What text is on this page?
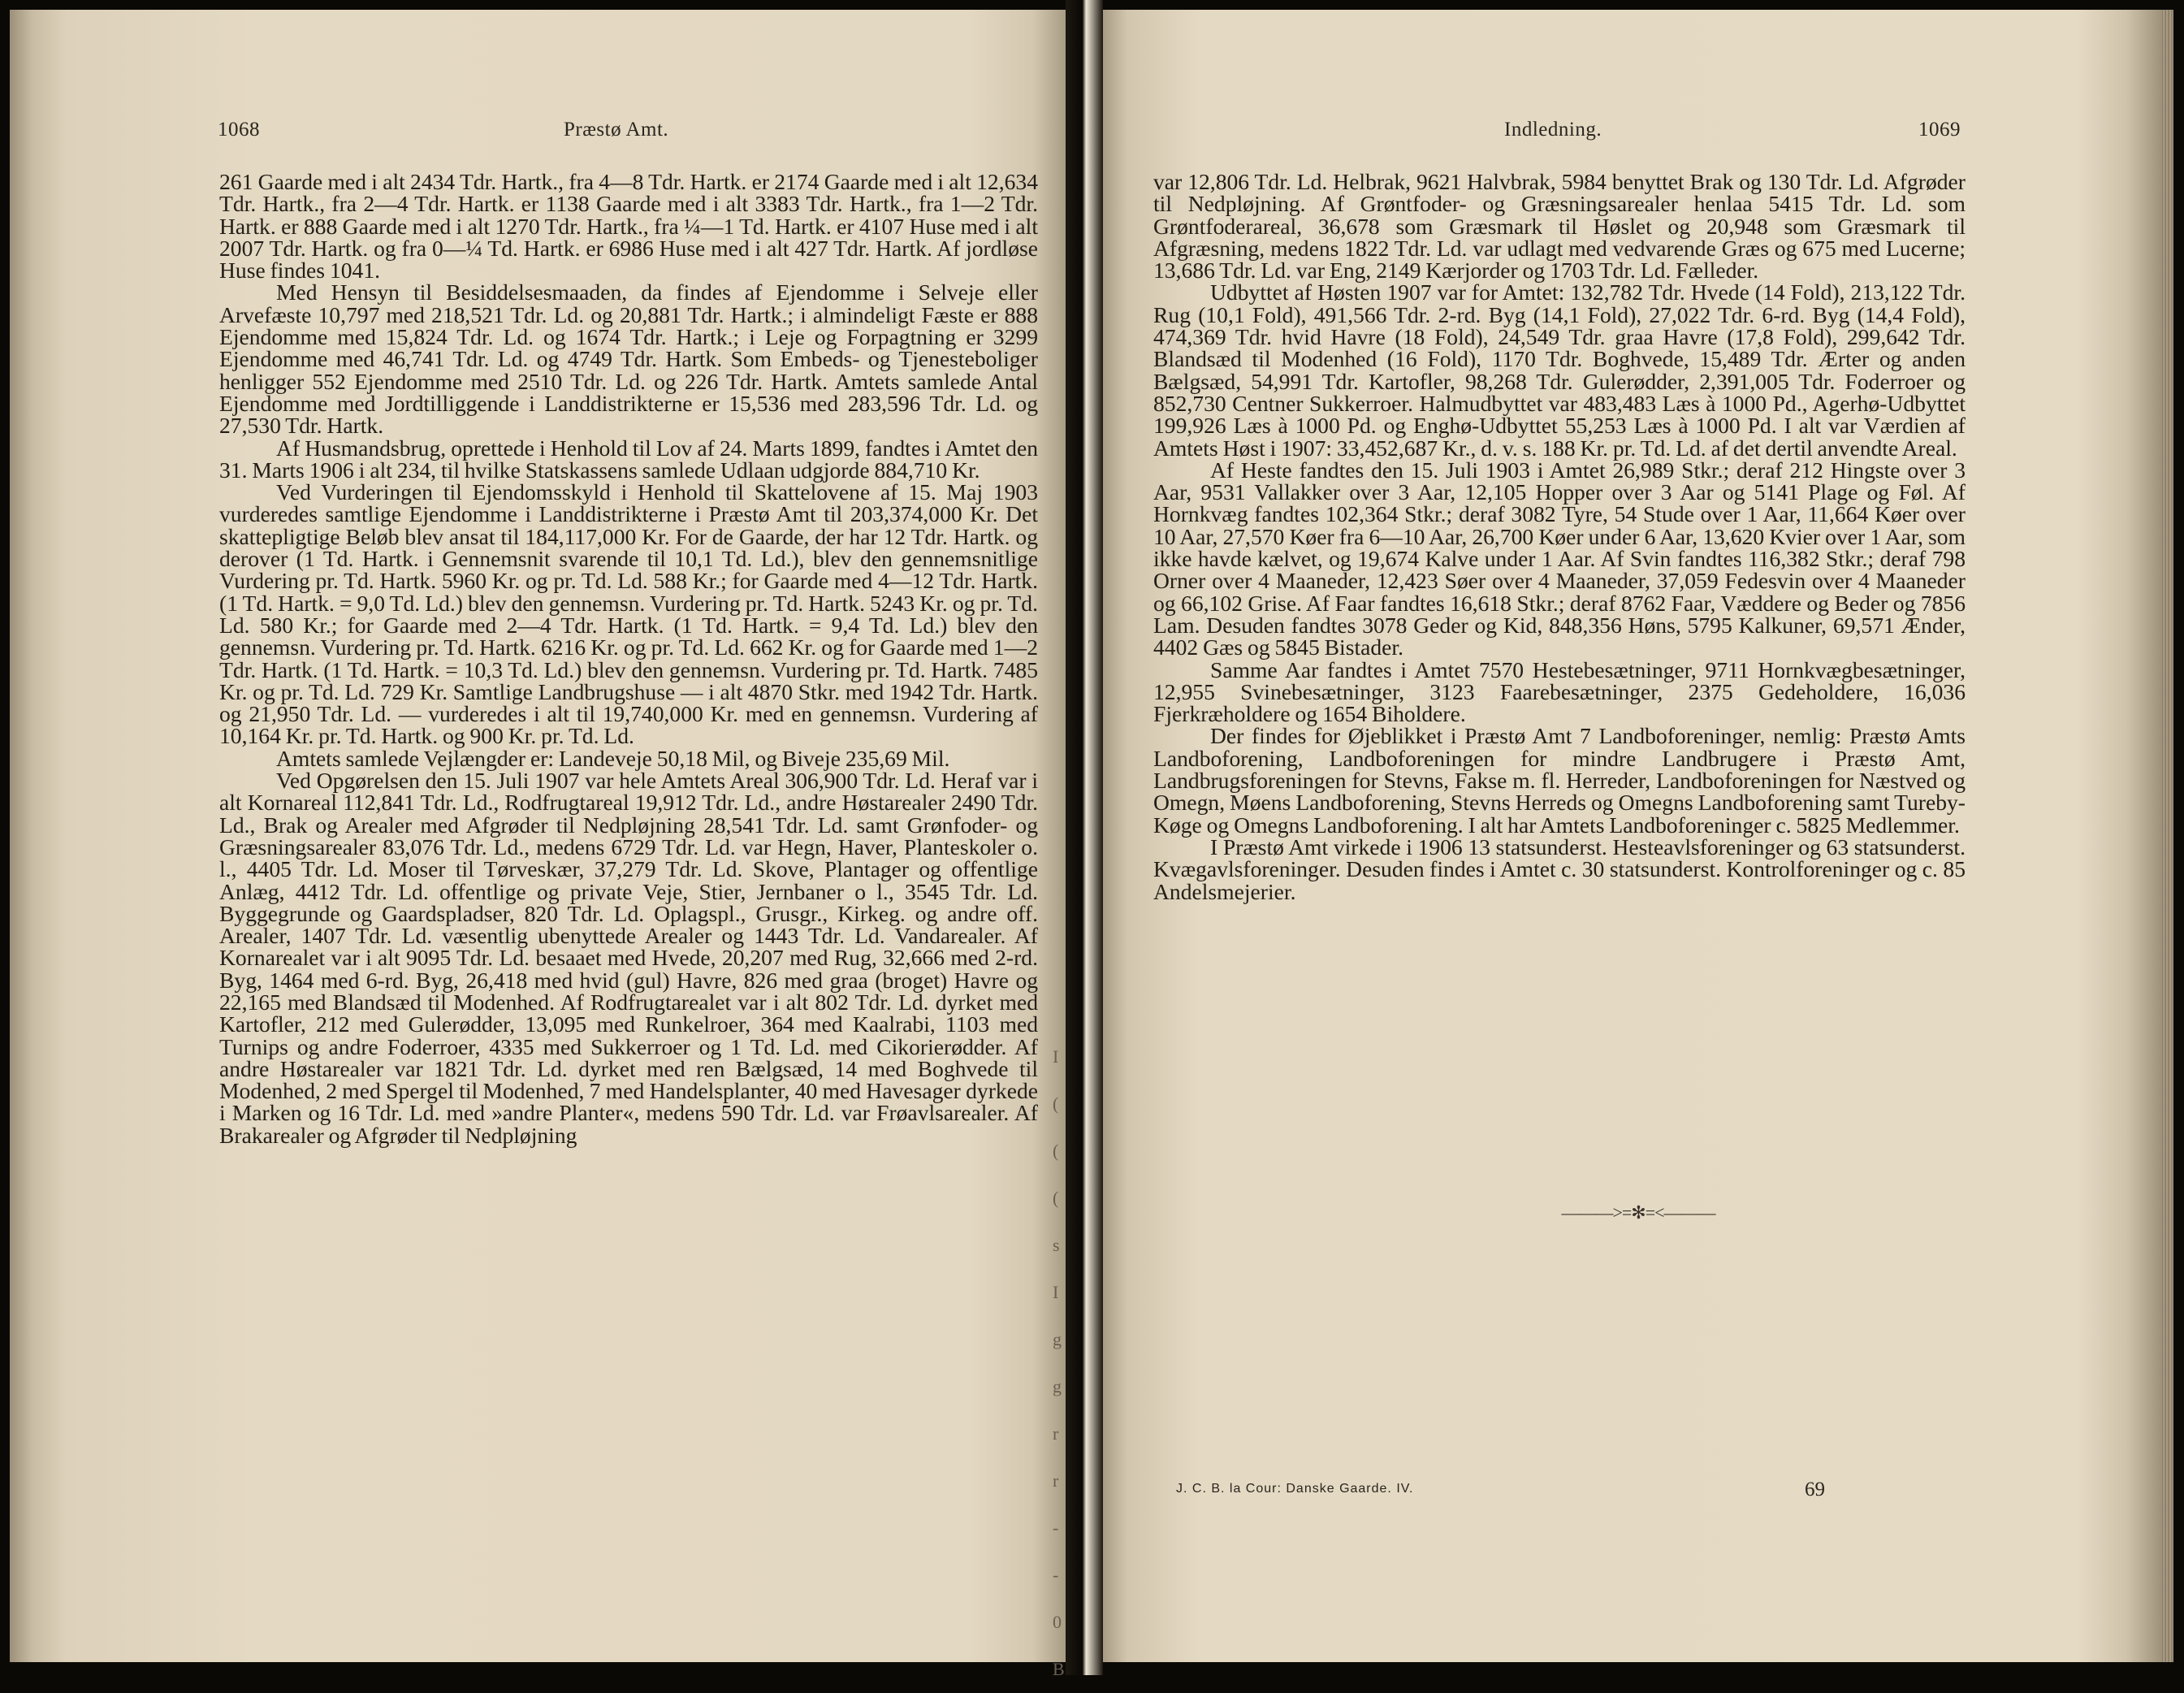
1068	Præstø Amt.

261 Gaarde med i alt 2434 Tdr. Hartk., fra 4—8 Tdr. Hartk. er 2174 Gaarde med i alt 12,634 Tdr. Hartk., fra 2—4 Tdr. Hartk. er 1138 Gaarde med i alt 3383 Tdr. Hartk., fra 1—2 Tdr. Hartk. er 888 Gaarde med i alt 1270 Tdr. Hartk., fra ¼—1 Td. Hartk. er 4107 Huse med i alt 2007 Tdr. Hartk. og fra 0—¼ Td. Hartk. er 6986 Huse med i alt 427 Tdr. Hartk. Af jordløse Huse findes 1041.

Med Hensyn til Besiddelsesmaaden, da findes af Ejendomme i Selveje eller Arvefæste 10,797 med 218,521 Tdr. Ld. og 20,881 Tdr. Hartk.; i almindeligt Fæste er 888 Ejendomme med 15,824 Tdr. Ld. og 1674 Tdr. Hartk.; i Leje og Forpagtning er 3299 Ejendomme med 46,741 Tdr. Ld. og 4749 Tdr. Hartk. Som Embeds- og Tjenesteboliger henligger 552 Ejendomme med 2510 Tdr. Ld. og 226 Tdr. Hartk. Amtets samlede Antal Ejendomme med Jordtilliggende i Landdistrikterne er 15,536 med 283,596 Tdr. Ld. og 27,530 Tdr. Hartk.

Af Husmandsbrug, oprettede i Henhold til Lov af 24. Marts 1899, fandtes i Amtet den 31. Marts 1906 i alt 234, til hvilke Statskassens samlede Udlaan udgjorde 884,710 Kr.

Ved Vurderingen til Ejendomsskyld i Henhold til Skattelovene af 15. Maj 1903 vurderedes samtlige Ejendomme i Landdistrikterne i Præstø Amt til 203,374,000 Kr. Det skattepligtige Beløb blev ansat til 184,117,000 Kr. For de Gaarde, der har 12 Tdr. Hartk. og derover (1 Td. Hartk. i Gennemsnit svarende til 10,1 Td. Ld.), blev den gennemsnitlige Vurdering pr. Td. Hartk. 5960 Kr. og pr. Td. Ld. 588 Kr.; for Gaarde med 4—12 Tdr. Hartk. (1 Td. Hartk. = 9,0 Td. Ld.) blev den gennemsn. Vurdering pr. Td. Hartk. 5243 Kr. og pr. Td. Ld. 580 Kr.; for Gaarde med 2—4 Tdr. Hartk. (1 Td. Hartk. = 9,4 Td. Ld.) blev den gennemsn. Vurdering pr. Td. Hartk. 6216 Kr. og pr. Td. Ld. 662 Kr. og for Gaarde med 1—2 Tdr. Hartk. (1 Td. Hartk. = 10,3 Td. Ld.) blev den gennemsn. Vurdering pr. Td. Hartk. 7485 Kr. og pr. Td. Ld. 729 Kr. Samtlige Landbrugshuse — i alt 4870 Stkr. med 1942 Tdr. Hartk. og 21,950 Tdr. Ld. — vurderedes i alt til 19,740,000 Kr. med en gennemsn. Vurdering af 10,164 Kr. pr. Td. Hartk. og 900 Kr. pr. Td. Ld.

Amtets samlede Vejlængder er: Landeveje 50,18 Mil, og Biveje 235,69 Mil.

Ved Opgørelsen den 15. Juli 1907 var hele Amtets Areal 306,900 Tdr. Ld. Heraf var i alt Kornareal 112,841 Tdr. Ld., Rodfrugtareal 19,912 Tdr. Ld., andre Høstarealer 2490 Tdr. Ld., Brak og Arealer med Afgrøder til Nedpløjning 28,541 Tdr. Ld. samt Grønfoder- og Græsningsarealer 83,076 Tdr. Ld., medens 6729 Tdr. Ld. var Hegn, Haver, Planteskoler o. l., 4405 Tdr. Ld. Moser til Tørveskær, 37,279 Tdr. Ld. Skove, Plantager og offentlige Anlæg, 4412 Tdr. Ld. offentlige og private Veje, Stier, Jernbaner o l., 3545 Tdr. Ld. Byggegrunde og Gaardspladser, 820 Tdr. Ld. Oplagspl., Grusgr., Kirkeg. og andre off. Arealer, 1407 Tdr. Ld. væsentlig ubenyttede Arealer og 1443 Tdr. Ld. Vandarealer. Af Kornarealet var i alt 9095 Tdr. Ld. besaaet med Hvede, 20,207 med Rug, 32,666 med 2-rd. Byg, 1464 med 6-rd. Byg, 26,418 med hvid (gul) Havre, 826 med graa (broget) Havre og 22,165 med Blandsæd til Modenhed. Af Rodfrugtarealet var i alt 802 Tdr. Ld. dyrket med Kartofler, 212 med Gulerødder, 13,095 med Runkelroer, 364 med Kaalrabi, 1103 med Turnips og andre Foderroer, 4335 med Sukkerroer og 1 Td. Ld. med Cikorierødder. Af andre Høstarealer var 1821 Tdr. Ld. dyrket med ren Bælgsæd, 14 med Boghvede til Modenhed, 2 med Spergel til Modenhed, 7 med Handelsplanter, 40 med Havesager dyrkede i Marken og 16 Tdr. Ld. med »andre Planter«, medens 590 Tdr. Ld. var Frøavlsarealer. Af Brakarealer og Afgrøder til Nedpløjning

I ( ( ( s I g g r r - - 0 B
Indledning.	1069

var 12,806 Tdr. Ld. Helbrak, 9621 Halvbrak, 5984 benyttet Brak og 130 Tdr. Ld. Afgrøder til Nedpløjning. Af Grøntfoder- og Græsningsarealer henlaa 5415 Tdr. Ld. som Grøntfoderareal, 36,678 som Græsmark til Høslet og 20,948 som Græsmark til Afgræsning, medens 1822 Tdr. Ld. var udlagt med vedvarende Græs og 675 med Lucerne; 13,686 Tdr. Ld. var Eng, 2149 Kærjorder og 1703 Tdr. Ld. Fælleder.

Udbyttet af Høsten 1907 var for Amtet: 132,782 Tdr. Hvede (14 Fold), 213,122 Tdr. Rug (10,1 Fold), 491,566 Tdr. 2-rd. Byg (14,1 Fold), 27,022 Tdr. 6-rd. Byg (14,4 Fold), 474,369 Tdr. hvid Havre (18 Fold), 24,549 Tdr. graa Havre (17,8 Fold), 299,642 Tdr. Blandsæd til Modenhed (16 Fold), 1170 Tdr. Boghvede, 15,489 Tdr. Ærter og anden Bælgsæd, 54,991 Tdr. Kartofler, 98,268 Tdr. Gulerødder, 2,391,005 Tdr. Foderroer og 852,730 Centner Sukkerroer. Halmudbyttet var 483,483 Læs à 1000 Pd., Agerhø-Udbyttet 199,926 Læs à 1000 Pd. og Enghø-Udbyttet 55,253 Læs à 1000 Pd. I alt var Værdien af Amtets Høst i 1907: 33,452,687 Kr., d. v. s. 188 Kr. pr. Td. Ld. af det dertil anvendte Areal.

Af Heste fandtes den 15. Juli 1903 i Amtet 26,989 Stkr.; deraf 212 Hingste over 3 Aar, 9531 Vallakker over 3 Aar, 12,105 Hopper over 3 Aar og 5141 Plage og Føl. Af Hornkvæg fandtes 102,364 Stkr.; deraf 3082 Tyre, 54 Stude over 1 Aar, 11,664 Køer over 10 Aar, 27,570 Køer fra 6—10 Aar, 26,700 Køer under 6 Aar, 13,620 Kvier over 1 Aar, som ikke havde kælvet, og 19,674 Kalve under 1 Aar. Af Svin fandtes 116,382 Stkr.; deraf 798 Orner over 4 Maaneder, 12,423 Søer over 4 Maaneder, 37,059 Fedesvin over 4 Maaneder og 66,102 Grise. Af Faar fandtes 16,618 Stkr.; deraf 8762 Faar, Væddere og Beder og 7856 Lam. Desuden fandtes 3078 Geder og Kid, 848,356 Høns, 5795 Kalkuner, 69,571 Ænder, 4402 Gæs og 5845 Bistader.

Samme Aar fandtes i Amtet 7570 Hestebesætninger, 9711 Hornkvægbesætninger, 12,955 Svinebesætninger, 3123 Faarebesætninger, 2375 Gedeholdere, 16,036 Fjerkræholdere og 1654 Biholdere.

Der findes for Øjeblikket i Præstø Amt 7 Landboforeninger, nemlig: Præstø Amts Landboforening, Landboforeningen for mindre Landbrugere i Præstø Amt, Landbrugsforeningen for Stevns, Fakse m. fl. Herreder, Landboforeningen for Næstved og Omegn, Møens Landboforening, Stevns Herreds og Omegns Landboforening samt Tureby-Køge og Omegns Landboforening. I alt har Amtets Landboforeninger c. 5825 Medlemmer.

I Præstø Amt virkede i 1906 13 statsunderst. Hesteavlsforeninger og 63 statsunderst. Kvægavlsforeninger. Desuden findes i Amtet c. 30 statsunderst. Kontrolforeninger og c. 85 Andelsmejerier.

———>=✻=<———
J. C. B. la Cour: Danske Gaarde. IV.	69
